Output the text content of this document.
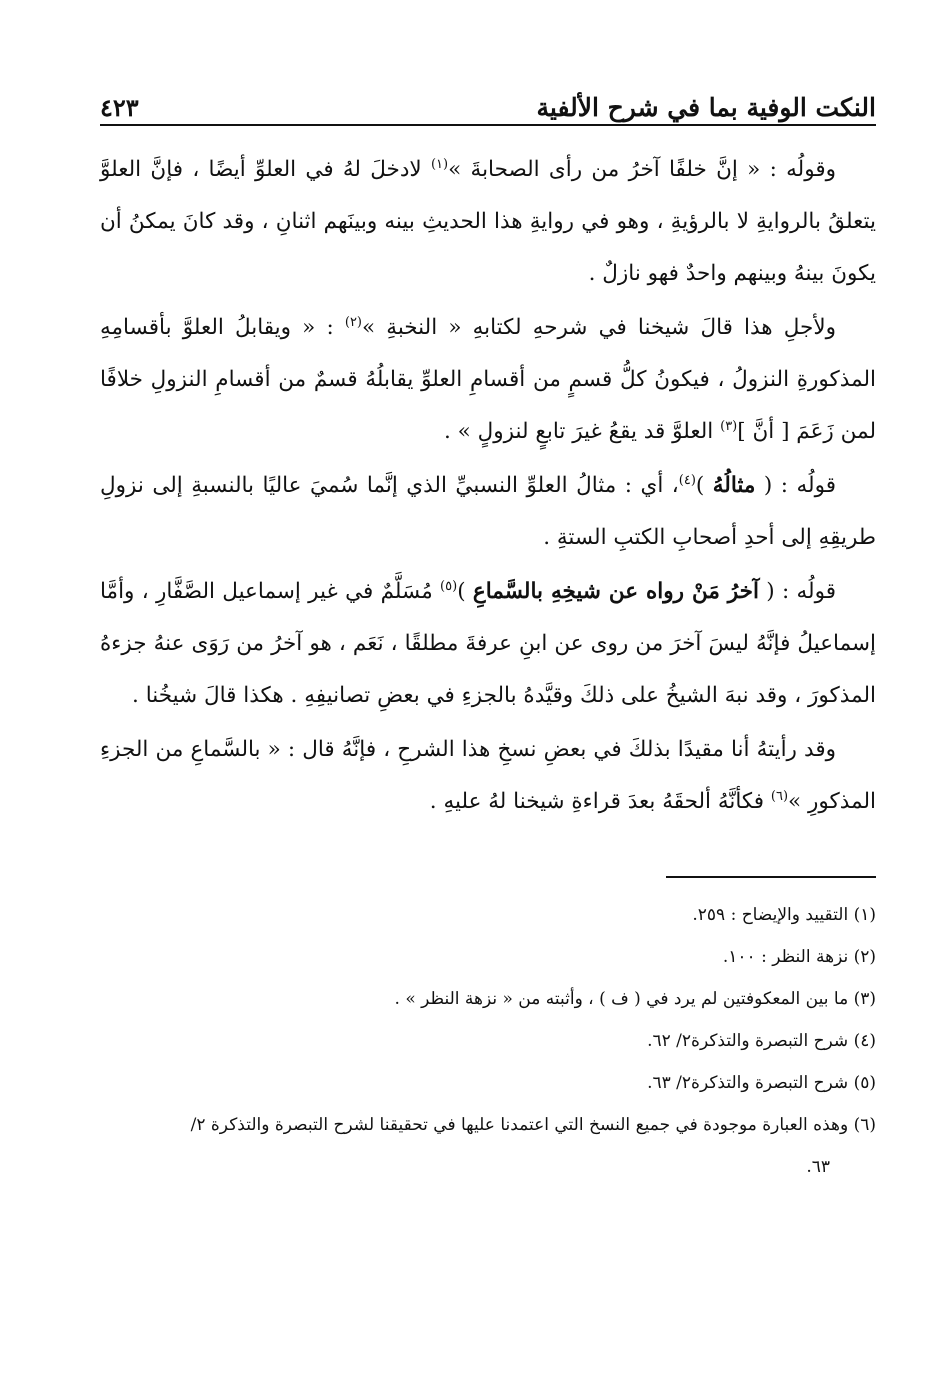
النكت الوفية بما في شرح الألفية
٤٢٣

وقولُه : « إنَّ خلفًا آخرُ من رأى الصحابةَ »$^{(١)}$ لادخلَ لهُ في العلوِّ أيضًا ، فإنَّ العلوَّ يتعلقُ بالروايةِ لا بالرؤيةِ ، وهو في روايةِ هذا الحديثِ بينه وبينَهم اثنانِ ، وقد كانَ يمكنُ أن يكونَ بينهُ وبينهم واحدٌ فهو نازلٌ .

ولأجلِ هذا قالَ شيخنا في شرحهِ لكتابهِ « النخبةِ »$^{(٢)}$ : « ويقابلُ العلوَّ بأقسامِهِ المذكورةِ النزولُ ، فيكونُ كلُّ قسمٍ من أقسامِ العلوِّ يقابلُهُ قسمٌ من أقسامِ النزولِ خلافًا لمن زَعَمَ [ أنَّ ]$^{(٣)}$ العلوَّ قد يقعُ غيرَ تابعٍ لنزولٍ » .

قولُه : ( مثالُهُ )$^{(٤)}$، أي : مثالُ العلوِّ النسبيِّ الذي إنَّما سُميَ عاليًا بالنسبةِ إلى نزولِ طريقِهِ إلى أحدِ أصحابِ الكتبِ الستةِ .

قولُه : ( آخرُ مَنْ رواه عن شيخِهِ بالسَّماعِ )$^{(٥)}$ مُسَلَّمٌ في غير إسماعيل الصَّفَّارِ ، وأمَّا إسماعيلُ فإنَّهُ ليسَ آخرَ من روى عن ابنِ عرفةَ مطلقًا ، نَعَم ، هو آخرُ من رَوَى عنهُ جزءهُ المذكورَ ، وقد نبهَ الشيخُ على ذلكَ وقيَّدهُ بالجزءِ في بعضِ تصانيفِهِ . هكذا قالَ شيخُنا .

وقد رأيتهُ أنا مقيدًا بذلكَ في بعضِ نسخِ هذا الشرحِ ، فإنَّهُ قال : « بالسَّماعِ من الجزءِ المذكورِ »$^{(٦)}$ فكأنَّهُ ألحقَهُ بعدَ قراءةِ شيخنا لهُ عليهِ .

(١) التقييد والإيضاح : ٢٥٩.
(٢) نزهة النظر : ١٠٠.
(٣) ما بين المعكوفتين لم يرد في ( ف ) ، وأثبته من « نزهة النظر » .
(٤) شرح التبصرة والتذكرة٢/ ٦٢.
(٥) شرح التبصرة والتذكرة٢/ ٦٣.
(٦) وهذه العبارة موجودة في جميع النسخ التي اعتمدنا عليها في تحقيقنا لشرح التبصرة والتذكرة ٢/
٦٣.
